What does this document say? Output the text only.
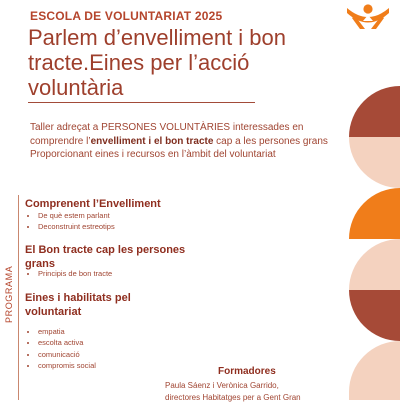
ESCOLA DE VOLUNTARIAT 2025
Parlem d’envelliment i bon tracte.Eines per l’acció voluntària

Taller adreçat a PERSONES VOLUNTÀRIES interessades en comprendre l’envelliment i el bon tracte cap a les persones grans Proporcionant eines i recursos en l’àmbit del voluntariat

PROGRAMA
Comprenent l’Envelliment
• De què estem parlant
• Deconstruint estreotips
El Bon tracte cap les persones grans
• Principis de bon tracte
Eines i habilitats pel voluntariat
• empatia
• escolta activa
• comunicació
• compromis social
Formadores
Paula Sáenz i Verònica Garrido,
directores Habitatges per a Gent Gran
